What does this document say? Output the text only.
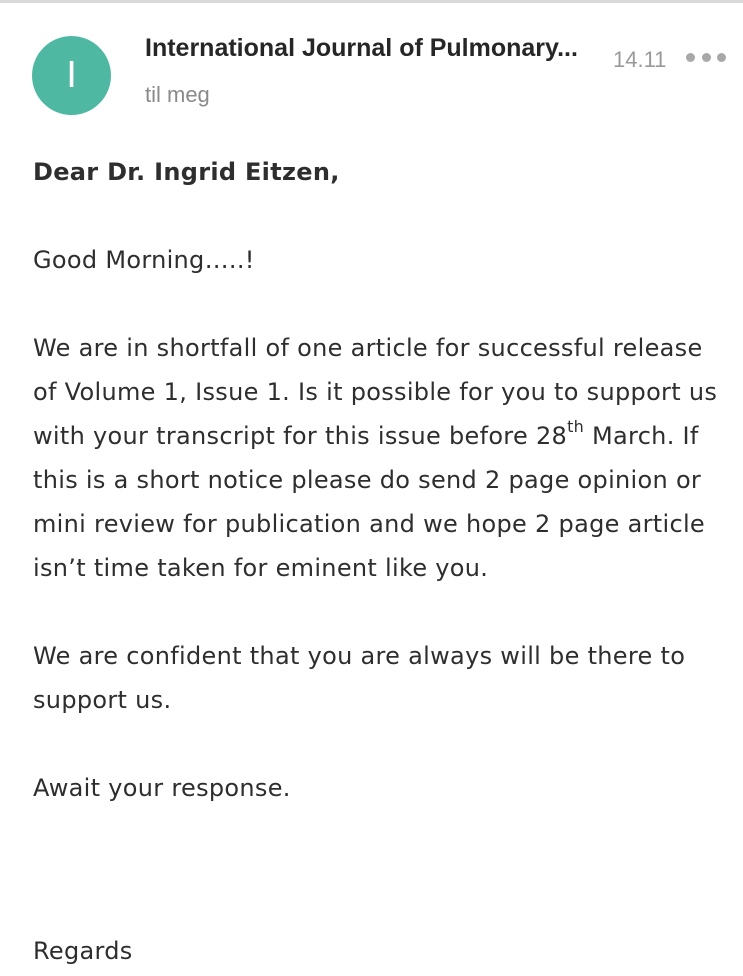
I
International Journal of Pulmonary...
til meg
14.11

Dear Dr. Ingrid Eitzen,

Good Morning…..!

We are in shortfall of one article for successful release of Volume 1, Issue 1. Is it possible for you to support us with your transcript for this issue before 28th March. If this is a short notice please do send 2 page opinion or mini review for publication and we hope 2 page article isn’t time taken for eminent like you.

We are confident that you are always will be there to support us.

Await your response.

Regards
